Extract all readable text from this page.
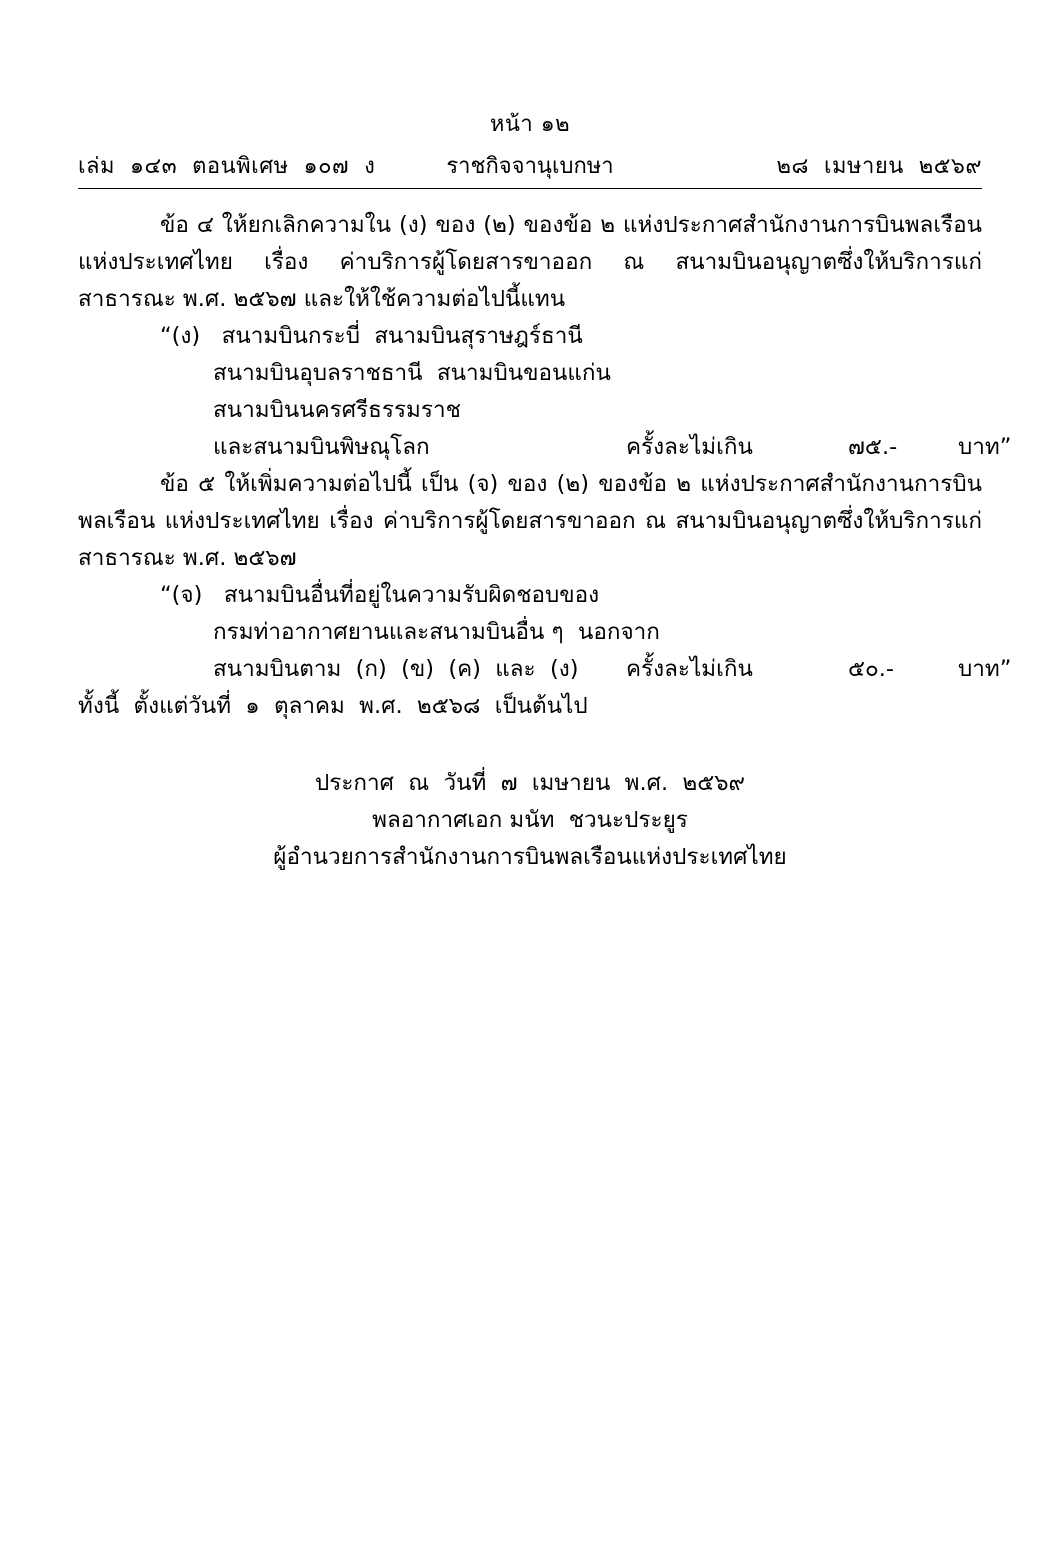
หน้า ๑๒
เล่ม  ๑๔๓  ตอนพิเศษ  ๑๐๗  ง	ราชกิจจานุเบกษา	๒๘  เมษายน  ๒๕๖๙

ข้อ ๔ ให้ยกเลิกความใน (ง) ของ (๒) ของข้อ ๒ แห่งประกาศสำนักงานการบินพลเรือน แห่งประเทศไทย เรื่อง ค่าบริการผู้โดยสารขาออก ณ สนามบินอนุญาตซึ่งให้บริการแก่สาธารณะ พ.ศ. ๒๕๖๗ และให้ใช้ความต่อไปนี้แทน

“(ง)   สนามบินกระบี่  สนามบินสุราษฎร์ธานี
สนามบินอุบลราชธานี  สนามบินขอนแก่น
สนามบินนครศรีธรรมราช

และสนามบินพิษณุโลก

	ครั้งละไม่เกิน

	๗๕.-

	บาท”

ข้อ ๕ ให้เพิ่มความต่อไปนี้ เป็น (จ) ของ (๒) ของข้อ ๒ แห่งประกาศสำนักงานการบินพลเรือน แห่งประเทศไทย เรื่อง ค่าบริการผู้โดยสารขาออก ณ สนามบินอนุญาตซึ่งให้บริการแก่สาธารณะ พ.ศ. ๒๕๖๗

“(จ)   สนามบินอื่นที่อยู่ในความรับผิดชอบของ
กรมท่าอากาศยานและสนามบินอื่น ๆ  นอกจาก

สนามบินตาม  (ก)  (ข)  (ค)  และ  (ง)

ครั้งละไม่เกิน

	๕๐.-

	บาท”

ทั้งนี้  ตั้งแต่วันที่  ๑  ตุลาคม  พ.ศ.  ๒๕๖๘  เป็นต้นไป
ประกาศ  ณ  วันที่  ๗  เมษายน  พ.ศ.  ๒๕๖๙
พลอากาศเอก มนัท  ชวนะประยูร
ผู้อำนวยการสำนักงานการบินพลเรือนแห่งประเทศไทย
